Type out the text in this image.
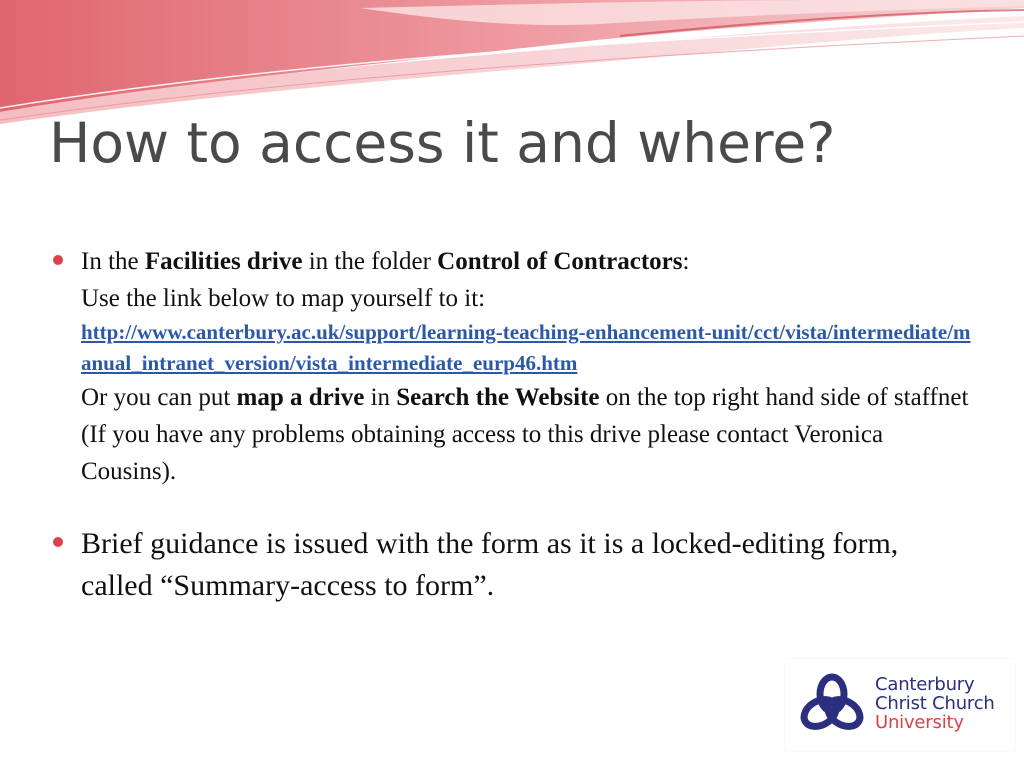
How to access it and where?
In the Facilities drive in the folder Control of Contractors:
Use the link below to map yourself to it:
http://www.canterbury.ac.uk/support/learning-teaching-enhancement-unit/cct/vista/intermediate/manual_intranet_version/vista_intermediate_eurp46.htm
Or you can put map a drive in Search the Website on the top right hand side of staffnet (If you have any problems obtaining access to this drive please contact Veronica Cousins).
Brief guidance is issued with the form as it is a locked-editing form, called “Summary-access to form”.
Canterbury
Christ Church
University
